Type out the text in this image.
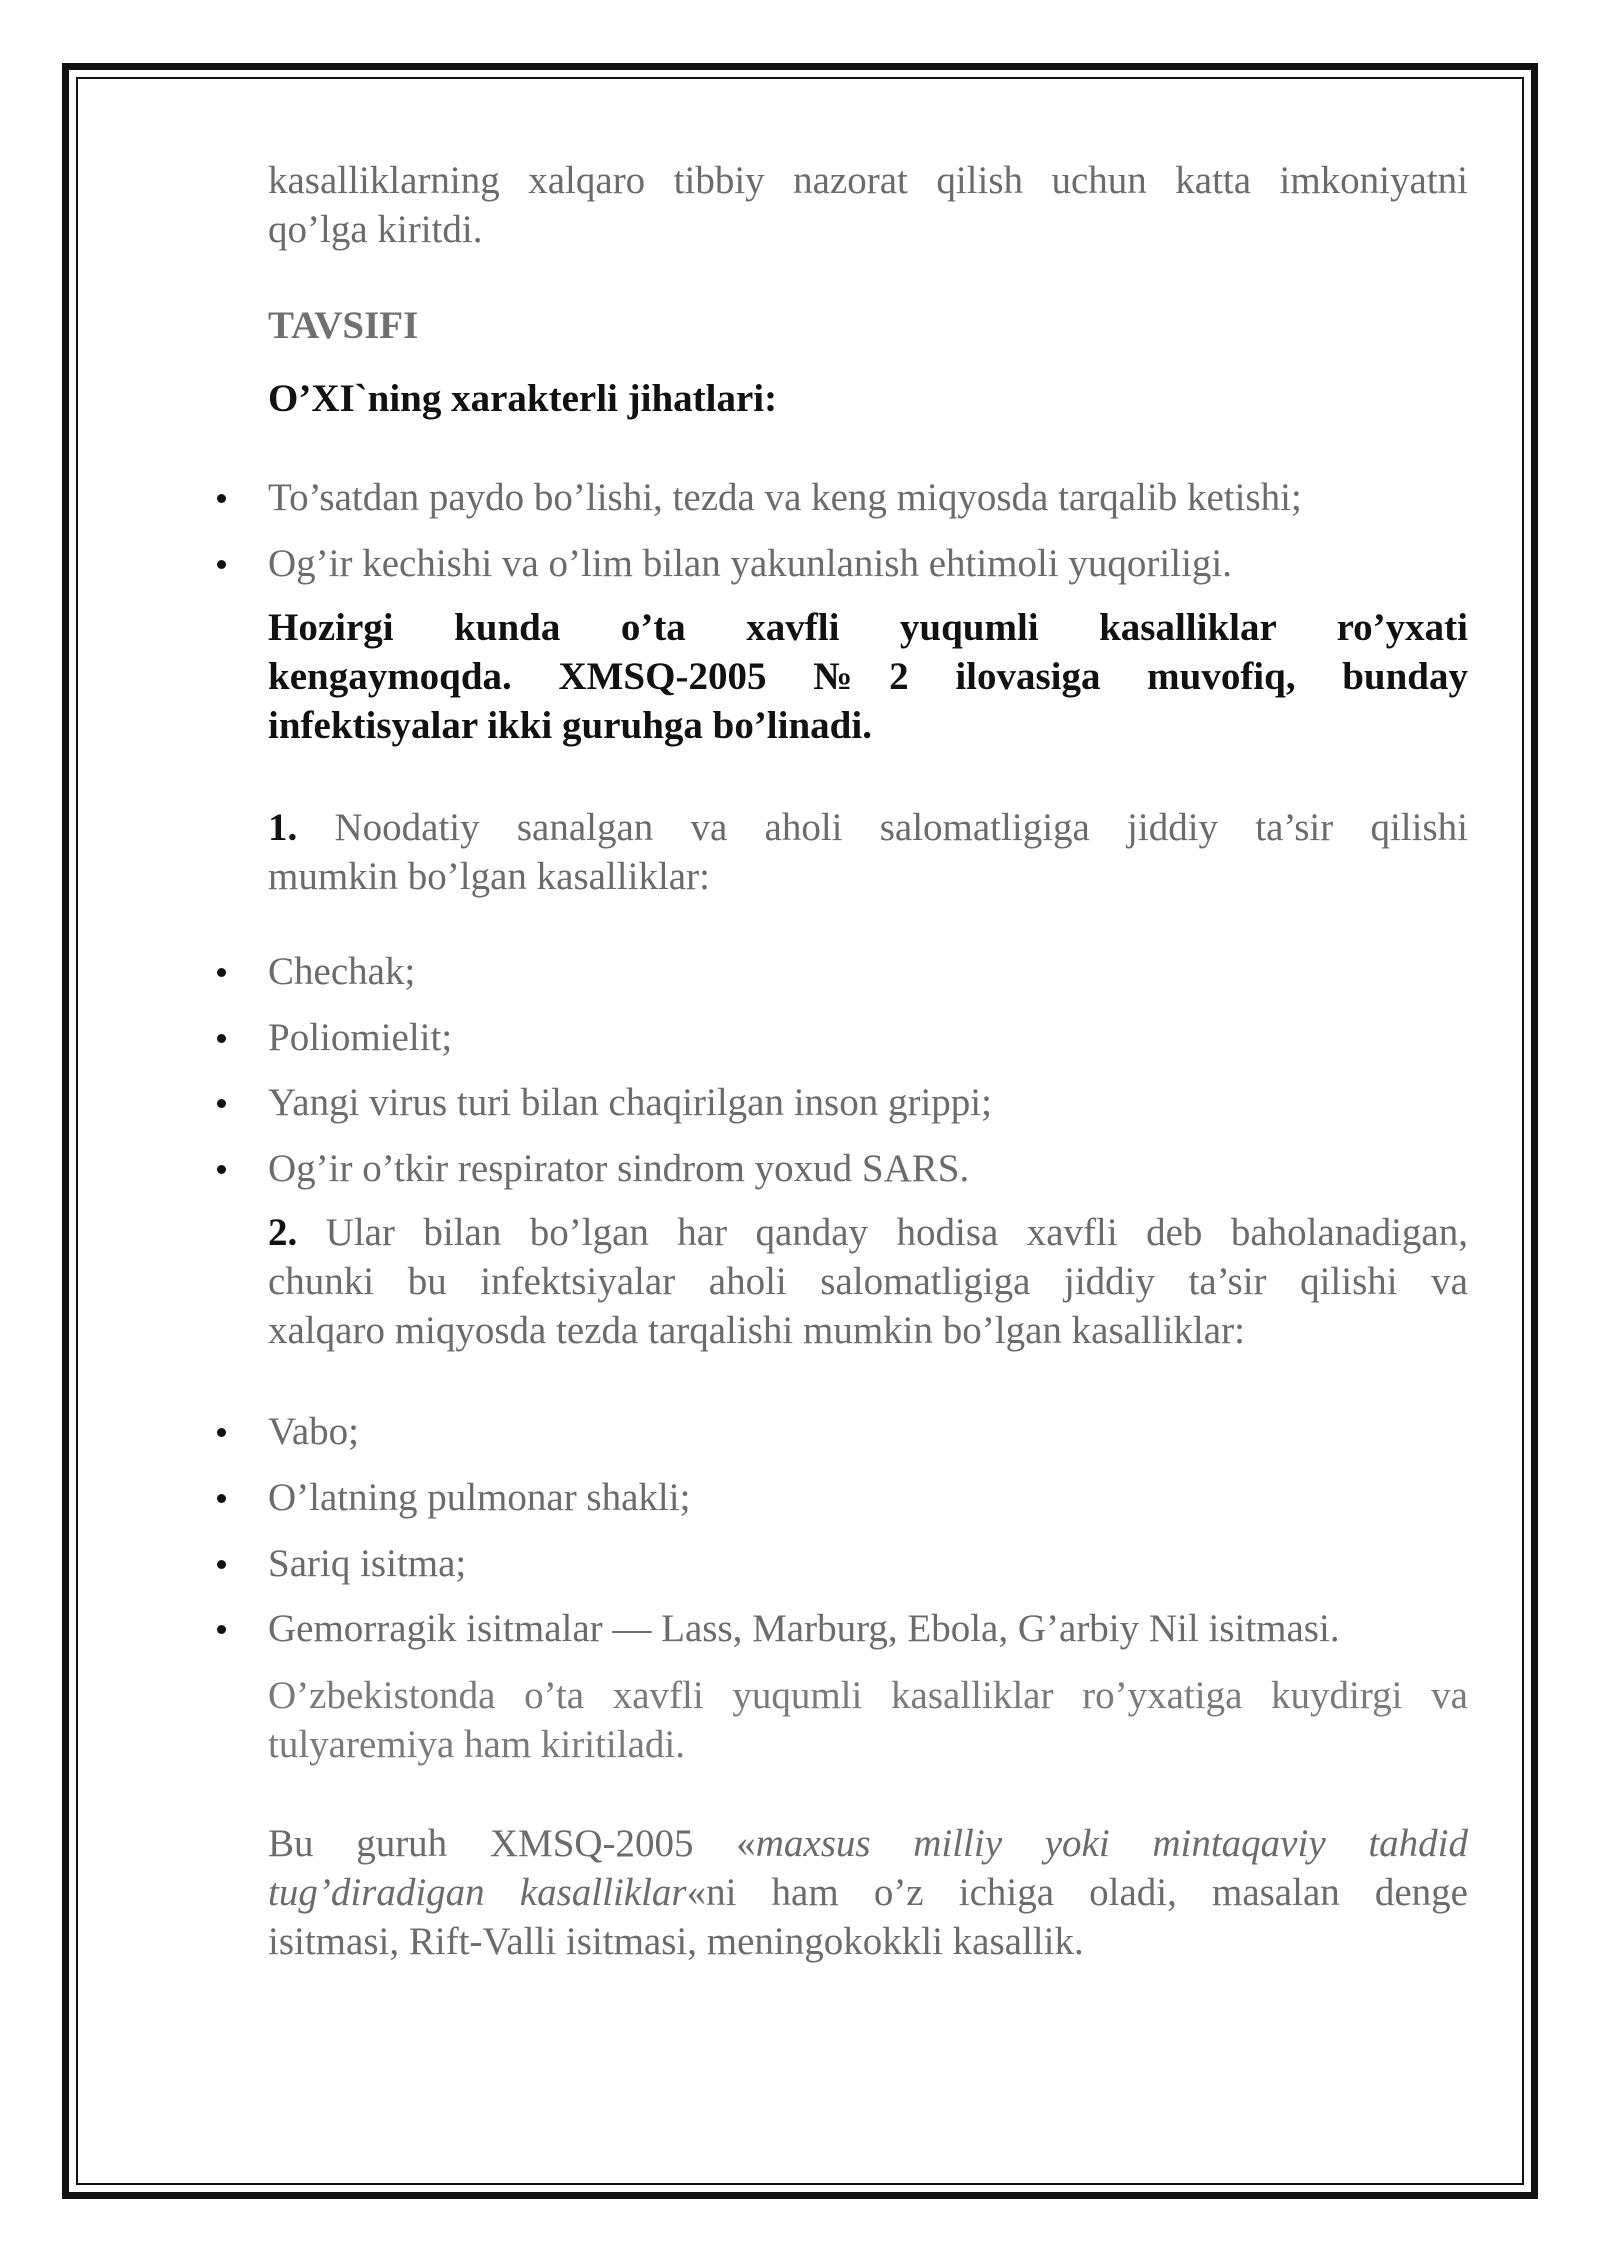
kasalliklarning xalqaro tibbiy nazorat qilish uchun katta imkoniyatni

qo’lga kiritdi.

TAVSIFI
O’XI`ning xarakterli jihatlari:
To’satdan paydo bo’lishi, tezda va keng miqyosda tarqalib ketishi;
Og’ir kechishi va o’lim bilan yakunlanish ehtimoli yuqoriligi.

Hozirgi kunda o’ta xavfli yuqumli kasalliklar ro’yxati

kengaymoqda. XMSQ-2005 №2 ilovasiga muvofiq, bunday

infektisyalar ikki guruhga bo’linadi.

1. Noodatiy sanalgan va aholi salomatligiga jiddiy ta’sir qilishi

mumkin bo’lgan kasalliklar:

Chechak;
Poliomielit;
Yangi virus turi bilan chaqirilgan inson grippi;
Og’ir o’tkir respirator sindrom yoxud SARS.

2. Ular bilan bo’lgan har qanday hodisa xavfli deb baholanadigan,

chunki bu infektsiyalar aholi salomatligiga jiddiy ta’sir qilishi va

xalqaro miqyosda tezda tarqalishi mumkin bo’lgan kasalliklar:

Vabo;
O’latning pulmonar shakli;
Sariq isitma;
Gemorragik isitmalar — Lass, Marburg, Ebola, G’arbiy Nil isitmasi.

O’zbekistonda o’ta xavfli yuqumli kasalliklar ro’yxatiga kuydirgi va

tulyaremiya ham kiritiladi.

Bu guruh XMSQ-2005 «maxsus milliy yoki mintaqaviy tahdid

tug’diradigan kasalliklar«ni ham o’z ichiga oladi, masalan denge

isitmasi, Rift-Valli isitmasi, meningokokkli kasallik.
